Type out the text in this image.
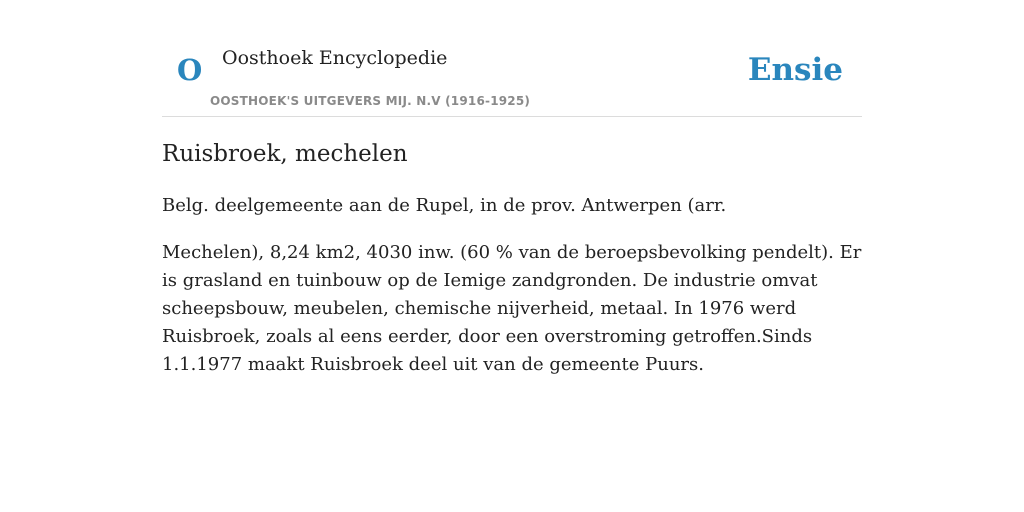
O Oosthoek Encyclopedie
OOSTHOEK'S UITGEVERS MIJ. N.V (1916-1925)
Ensie
Ruisbroek, mechelen

Belg. deelgemeente aan de Rupel, in de prov. Antwerpen (arr.

Mechelen), 8,24 km2, 4030 inw. (60 % van de beroepsbevolking pendelt). Er is grasland en tuinbouw op de Iemige zandgronden. De industrie omvat scheepsbouw, meubelen, chemische nijverheid, metaal. In 1976 werd Ruisbroek, zoals al eens eerder, door een overstroming getroffen.Sinds 1.1.1977 maakt Ruisbroek deel uit van de gemeente Puurs.
